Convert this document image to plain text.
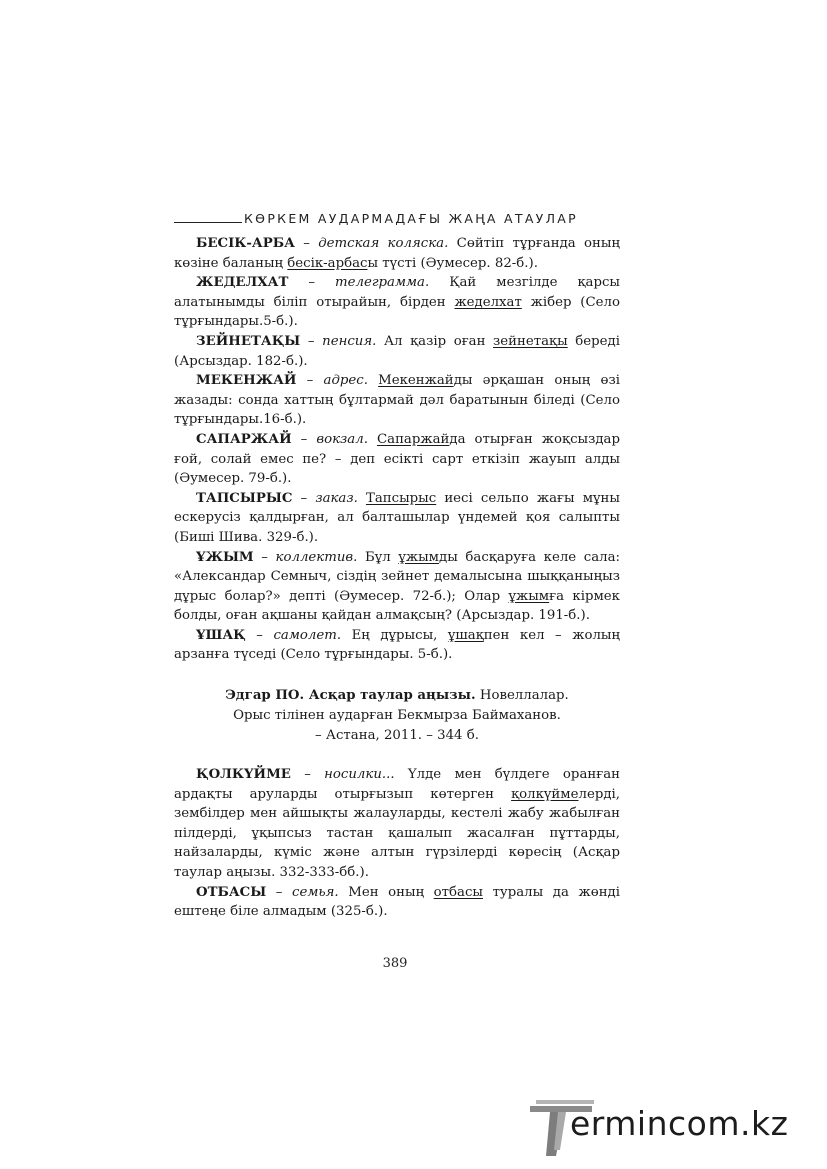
КӨРКЕМ АУДАРМАДАҒЫ ЖАҢА АТАУЛАР

БЕСІК-АРБА – детская коляска. Сөйтіп тұрғанда оның көзіне баланың бесік-арбасы түсті (Әумесер. 82-б.).

ЖЕДЕЛХАТ – телеграмма. Қай мезгілде қарсы алатынымды біліп отырайын, бірден жеделхат жібер (Село тұрғындары.5-б.).

ЗЕЙНЕТАҚЫ – пенсия. Ал қазір оған зейнетақы береді (Арсыздар. 182-б.).

МЕКЕНЖАЙ – адрес. Мекенжайды әрқашан оның өзі жазады: сонда хаттың бұлтармай дәл баратынын біледі (Село тұрғындары.16-б.).

САПАРЖАЙ – вокзал. Сапаржайда отырған жоқсыздар ғой, солай емес пе? – деп есікті сарт еткізіп жауып алды (Әумесер. 79-б.).

ТАПСЫРЫС – заказ. Тапсырыс иесі сельпо жағы мұны ескерусіз қалдырған, ал балташылар үндемей қоя салыпты (Биші Шива. 329-б.).

ҰЖЫМ – коллектив. Бұл ұжымды басқаруға келе сала: «Александар Семныч, сіздің зейнет демалысына шыққаныңыз дұрыс болар?» депті (Әумесер. 72-б.); Олар ұжымға кірмек болды, оған ақшаны қайдан алмақсың? (Арсыздар. 191-б.).

ҰШАҚ – самолет. Ең дұрысы, ұшақпен кел – жолың арзанға түседі (Село тұрғындары. 5-б.).

Эдгар ПО. Асқар таулар аңызы. Новеллалар.

Орыс тілінен аударған Бекмырза Баймаханов.

– Астана, 2011. – 344 б.

ҚОЛКҮЙМЕ – носилки... Үлде мен бүлдеге оранған ардақты аруларды отырғызып көтерген қолкүймелерді, зембілдер мен айшықты жалауларды, кестелі жабу жабылған пілдерді, ұқыпсыз тастан қашалып жасалған пұттарды, найзаларды, күміс және алтын гүрзілерді көресің (Асқар таулар аңызы. 332-333-бб.).

ОТБАСЫ – семья. Мен оның отбасы туралы да жөнді ештеңе біле алмадым (325-б.).

389
ermincom.kz
